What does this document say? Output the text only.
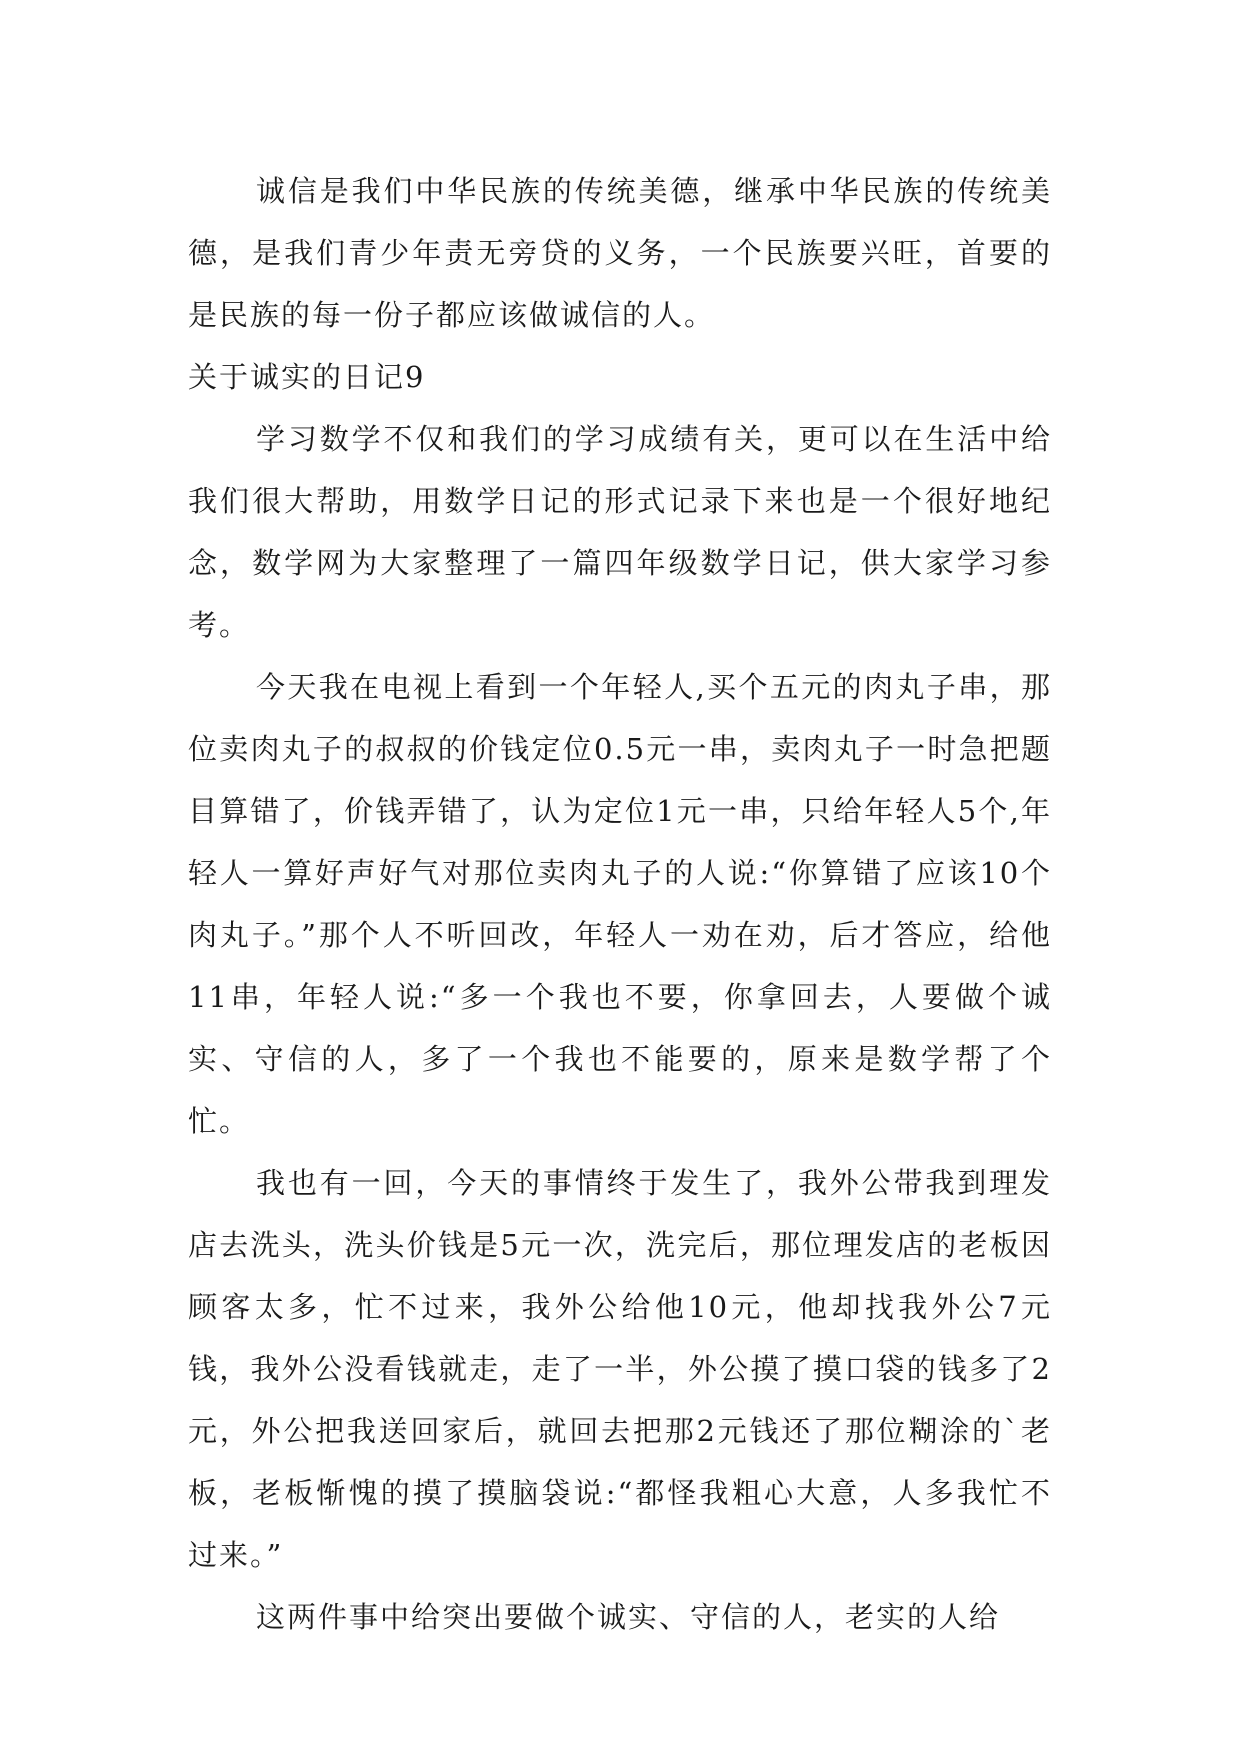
诚信是我们中华民族的传统美德，继承中华民族的传统美德，是我们青少年责无旁贷的义务，一个民族要兴旺，首要的是民族的每一份子都应该做诚信的人。

关于诚实的日记9

学习数学不仅和我们的学习成绩有关，更可以在生活中给我们很大帮助，用数学日记的形式记录下来也是一个很好地纪念，数学网为大家整理了一篇四年级数学日记，供大家学习参考。

今天我在电视上看到一个年轻人,买个五元的肉丸子串，那位卖肉丸子的叔叔的价钱定位0.5元一串，卖肉丸子一时急把题目算错了，价钱弄错了，认为定位1元一串，只给年轻人5个,年轻人一算好声好气对那位卖肉丸子的人说:“你算错了应该10个肉丸子。”那个人不听回改，年轻人一劝在劝，后才答应，给他11串，年轻人说:“多一个我也不要，你拿回去，人要做个诚实、守信的人，多了一个我也不能要的，原来是数学帮了个忙。

我也有一回，今天的事情终于发生了，我外公带我到理发店去洗头，洗头价钱是5元一次，洗完后，那位理发店的老板因顾客太多，忙不过来，我外公给他10元，他却找我外公7元钱，我外公没看钱就走，走了一半，外公摸了摸口袋的钱多了2元，外公把我送回家后，就回去把那2元钱还了那位糊涂的`老板，老板惭愧的摸了摸脑袋说:“都怪我粗心大意，人多我忙不过来。”

这两件事中给突出要做个诚实、守信的人，老实的人给
